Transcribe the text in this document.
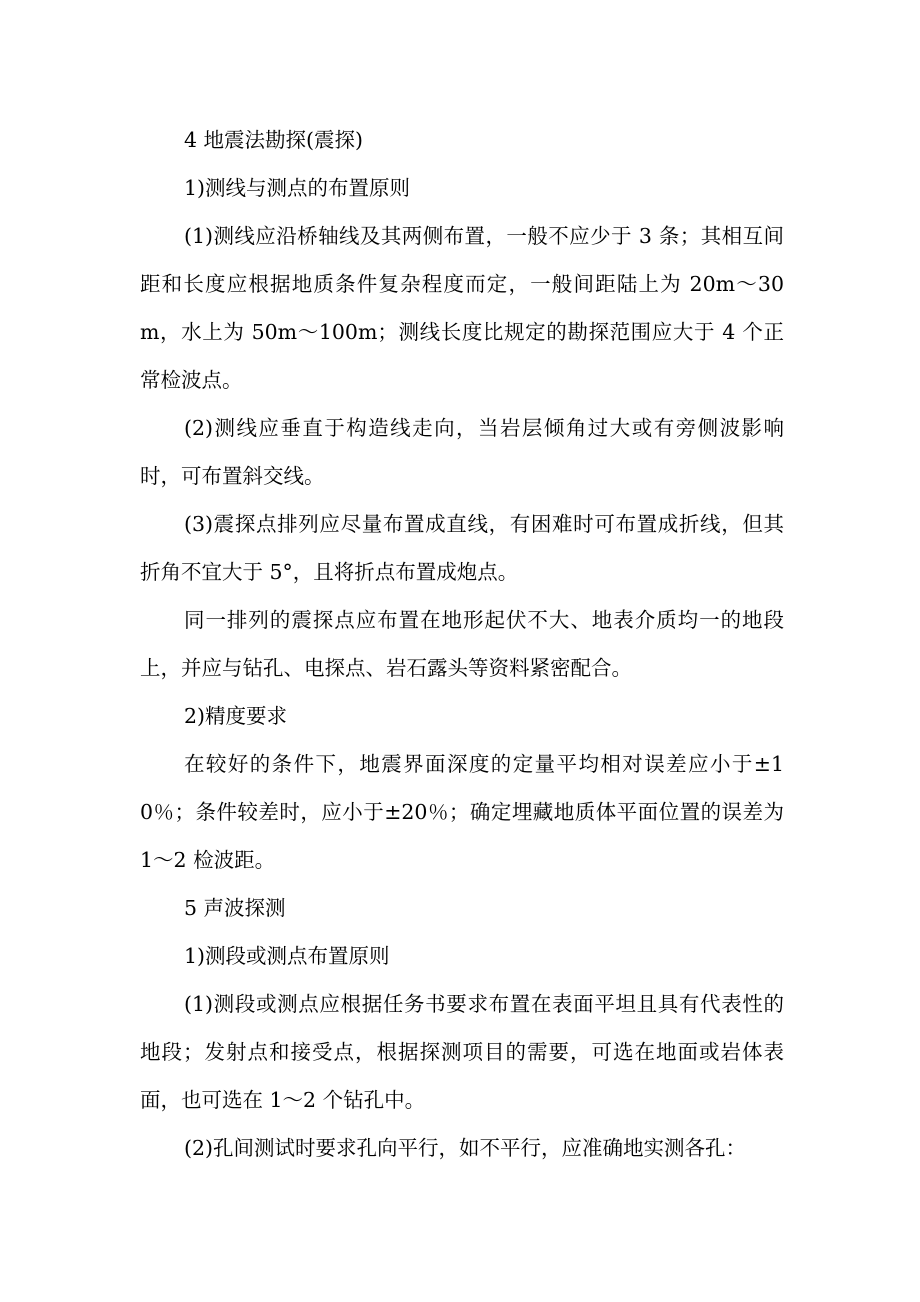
4 地震法勘探(震探)

1)测线与测点的布置原则

(1)测线应沿桥轴线及其两侧布置，一般不应少于 3 条；其相互间距和长度应根据地质条件复杂程度而定，一般间距陆上为 20m～30m，水上为 50m～100m；测线长度比规定的勘探范围应大于 4 个正常检波点。

(2)测线应垂直于构造线走向，当岩层倾角过大或有旁侧波影响时，可布置斜交线。

(3)震探点排列应尽量布置成直线，有困难时可布置成折线，但其折角不宜大于 5°，且将折点布置成炮点。

同一排列的震探点应布置在地形起伏不大、地表介质均一的地段上，并应与钻孔、电探点、岩石露头等资料紧密配合。

2)精度要求

在较好的条件下，地震界面深度的定量平均相对误差应小于±10％；条件较差时，应小于±20％；确定埋藏地质体平面位置的误差为 1～2 检波距。

5 声波探测

1)测段或测点布置原则

(1)测段或测点应根据任务书要求布置在表面平坦且具有代表性的地段；发射点和接受点，根据探测项目的需要，可选在地面或岩体表面，也可选在 1～2 个钻孔中。

(2)孔间测试时要求孔向平行，如不平行，应准确地实测各孔：
